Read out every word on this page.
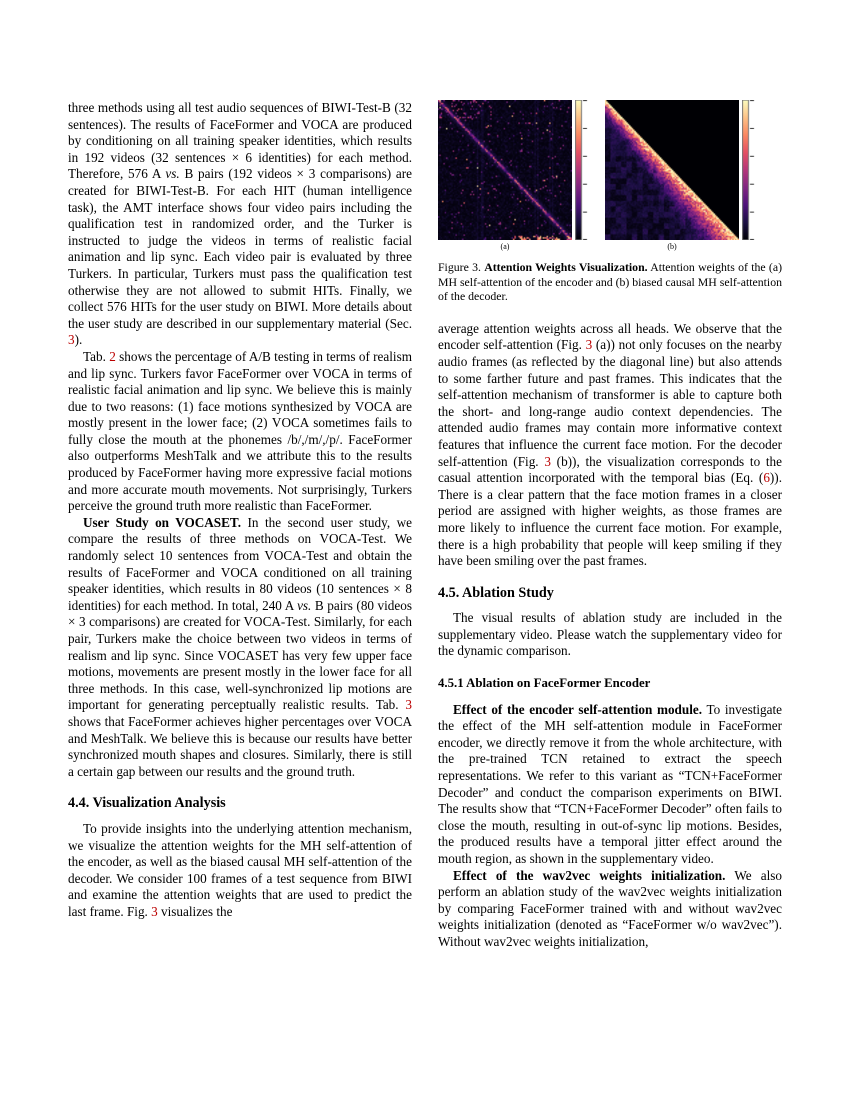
three methods using all test audio sequences of BIWI-Test-B (32 sentences). The results of FaceFormer and VOCA are produced by conditioning on all training speaker identities, which results in 192 videos (32 sentences × 6 identities) for each method. Therefore, 576 A vs. B pairs (192 videos × 3 comparisons) are created for BIWI-Test-B. For each HIT (human intelligence task), the AMT interface shows four video pairs including the qualification test in randomized order, and the Turker is instructed to judge the videos in terms of realistic facial animation and lip sync. Each video pair is evaluated by three Turkers. In particular, Turkers must pass the qualification test otherwise they are not allowed to submit HITs. Finally, we collect 576 HITs for the user study on BIWI. More details about the user study are described in our supplementary material (Sec. 3).
Tab. 2 shows the percentage of A/B testing in terms of realism and lip sync. Turkers favor FaceFormer over VOCA in terms of realistic facial animation and lip sync. We believe this is mainly due to two reasons: (1) face motions synthesized by VOCA are mostly present in the lower face; (2) VOCA sometimes fails to fully close the mouth at the phonemes /b/,/m/,/p/. FaceFormer also outperforms MeshTalk and we attribute this to the results produced by FaceFormer having more expressive facial motions and more accurate mouth movements. Not surprisingly, Turkers perceive the ground truth more realistic than FaceFormer.
User Study on VOCASET. In the second user study, we compare the results of three methods on VOCA-Test. We randomly select 10 sentences from VOCA-Test and obtain the results of FaceFormer and VOCA conditioned on all training speaker identities, which results in 80 videos (10 sentences × 8 identities) for each method. In total, 240 A vs. B pairs (80 videos × 3 comparisons) are created for VOCA-Test. Similarly, for each pair, Turkers make the choice between two videos in terms of realism and lip sync. Since VOCASET has very few upper face motions, movements are present mostly in the lower face for all three methods. In this case, well-synchronized lip motions are important for generating perceptually realistic results. Tab. 3 shows that FaceFormer achieves higher percentages over VOCA and MeshTalk. We believe this is because our results have better synchronized mouth shapes and closures. Similarly, there is still a certain gap between our results and the ground truth.
4.4. Visualization Analysis
To provide insights into the underlying attention mechanism, we visualize the attention weights for the MH self-attention of the encoder, as well as the biased causal MH self-attention of the decoder. We consider 100 frames of a test sequence from BIWI and examine the attention weights that are used to predict the last frame. Fig. 3 visualizes the
(a)	(b)
Figure 3. Attention Weights Visualization. Attention weights of the (a) MH self-attention of the encoder and (b) biased causal MH self-attention of the decoder.
average attention weights across all heads. We observe that the encoder self-attention (Fig. 3 (a)) not only focuses on the nearby audio frames (as reflected by the diagonal line) but also attends to some farther future and past frames. This indicates that the self-attention mechanism of transformer is able to capture both the short- and long-range audio context dependencies. The attended audio frames may contain more informative context features that influence the current face motion. For the decoder self-attention (Fig. 3 (b)), the visualization corresponds to the casual attention incorporated with the temporal bias (Eq. (6)). There is a clear pattern that the face motion frames in a closer period are assigned with higher weights, as those frames are more likely to influence the current face motion. For example, there is a high probability that people will keep smiling if they have been smiling over the past frames.
4.5. Ablation Study
The visual results of ablation study are included in the supplementary video. Please watch the supplementary video for the dynamic comparison.
4.5.1 Ablation on FaceFormer Encoder
Effect of the encoder self-attention module. To investigate the effect of the MH self-attention module in FaceFormer encoder, we directly remove it from the whole architecture, with the pre-trained TCN retained to extract the speech representations. We refer to this variant as “TCN+FaceFormer Decoder” and conduct the comparison experiments on BIWI. The results show that “TCN+FaceFormer Decoder” often fails to close the mouth, resulting in out-of-sync lip motions. Besides, the produced results have a temporal jitter effect around the mouth region, as shown in the supplementary video.
Effect of the wav2vec weights initialization. We also perform an ablation study of the wav2vec weights initialization by comparing FaceFormer trained with and without wav2vec weights initialization (denoted as “FaceFormer w/o wav2vec”). Without wav2vec weights initialization,
